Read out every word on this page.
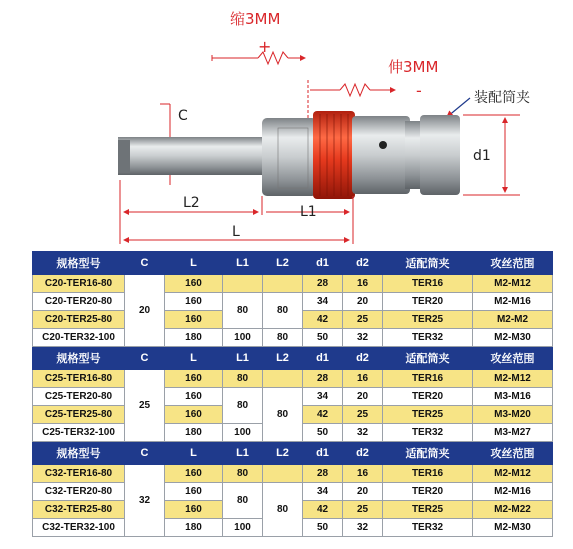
缩3MM
+
伸3MM
-	装配筒夹
C
d1
L2
L1
L
规格型号	C	L	L1	L2	d1	d2	适配筒夹	攻丝范围
C20-TER16-80	20	160			28	16	TER16	M2-M12
C20-TER20-80		160	80	80	34	20	TER20	M2-M16
C20-TER25-80		160			42	25	TER25	M2-M2
C20-TER32-100		180	100	80	50	32	TER32	M2-M30
规格型号	C	L	L1	L2	d1	d2	适配筒夹	攻丝范围
C25-TER16-80	25	160	80		28	16	TER16	M2-M12
C25-TER20-80		160	80	80	34	20	TER20	M3-M16
C25-TER25-80		160			42	25	TER25	M3-M20
C25-TER32-100		180	100		50	32	TER32	M3-M27
规格型号	C	L	L1	L2	d1	d2	适配筒夹	攻丝范围
C32-TER16-80	32	160	80		28	16	TER16	M2-M12
C32-TER20-80		160	80	80	34	20	TER20	M2-M16
C32-TER25-80		160			42	25	TER25	M2-M22
C32-TER32-100		180	100		50	32	TER32	M2-M30
